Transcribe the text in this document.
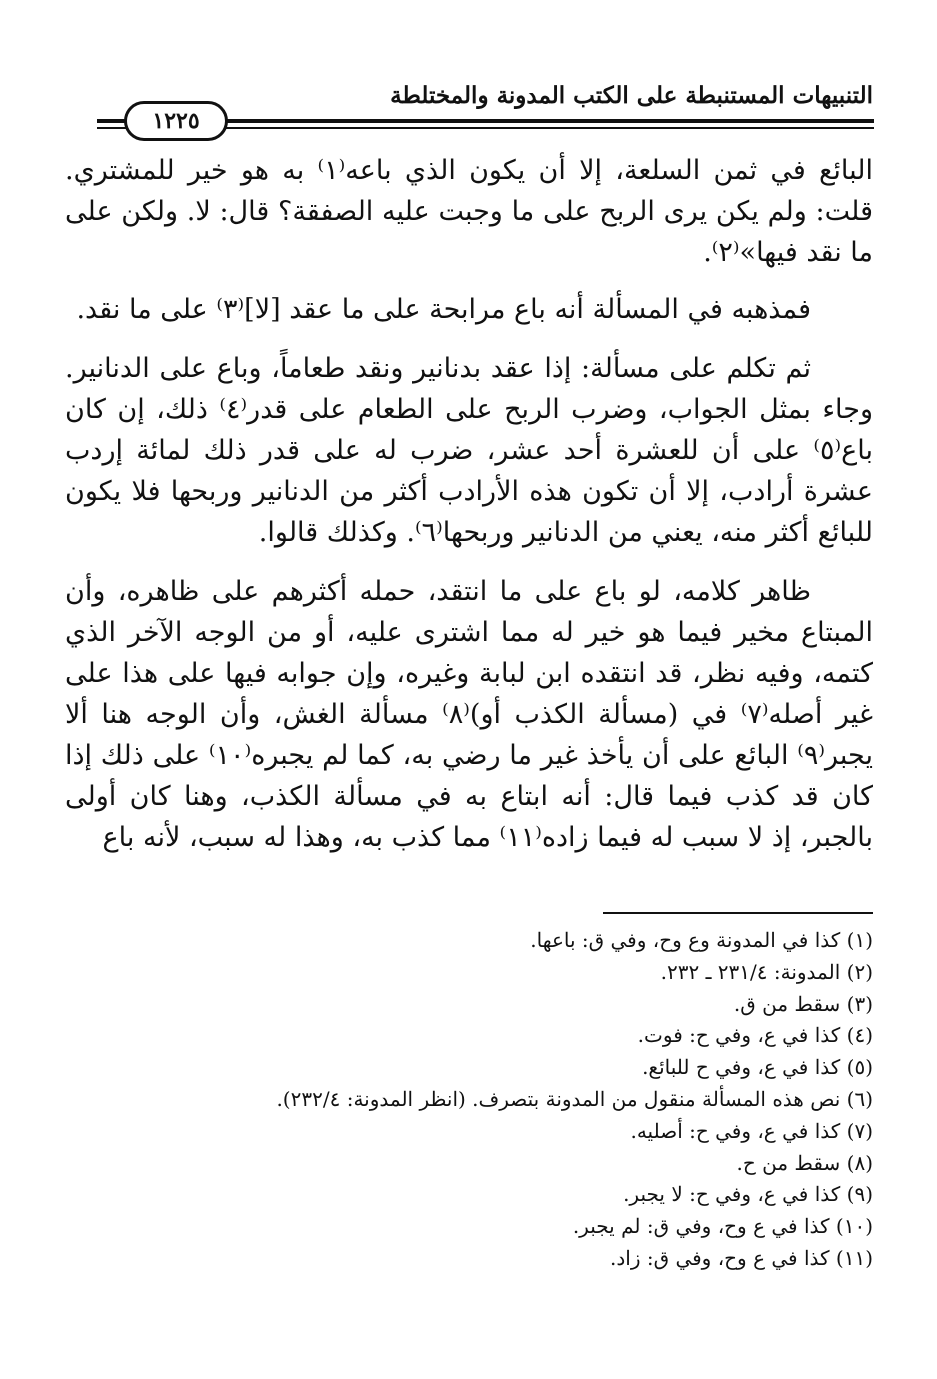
التنبيهات المستنبطة على الكتب المدونة والمختلطة
١٢٢٥

البائع في ثمن السلعة، إلا أن يكون الذي باعه⁽١⁾ به هو خير للمشتري. قلت: ولم يكن يرى الربح على ما وجبت عليه الصفقة؟ قال: لا. ولكن على ما نقد فيها»⁽٢⁾.

فمذهبه في المسألة أنه باع مرابحة على ما عقد [لا]⁽٣⁾ على ما نقد.

ثم تكلم على مسألة: إذا عقد بدنانير ونقد طعاماً، وباع على الدنانير. وجاء بمثل الجواب، وضرب الربح على الطعام على قدر⁽٤⁾ ذلك، إن كان باع⁽٥⁾ على أن للعشرة أحد عشر، ضرب له على قدر ذلك لمائة إردب عشرة أرادب، إلا أن تكون هذه الأرادب أكثر من الدنانير وربحها فلا يكون للبائع أكثر منه، يعني من الدنانير وربحها⁽٦⁾. وكذلك قالوا.

ظاهر كلامه، لو باع على ما انتقد، حمله أكثرهم على ظاهره، وأن المبتاع مخير فيما هو خير له مما اشترى عليه، أو من الوجه الآخر الذي كتمه، وفيه نظر، قد انتقده ابن لبابة وغيره، وإن جوابه فيها على هذا على غير أصله⁽٧⁾ في (مسألة الكذب أو)⁽٨⁾ مسألة الغش، وأن الوجه هنا ألا يجبر⁽٩⁾ البائع على أن يأخذ غير ما رضي به، كما لم يجبره⁽١٠⁾ على ذلك إذا كان قد كذب فيما قال: أنه ابتاع به في مسألة الكذب، وهنا كان أولى بالجبر، إذ لا سبب له فيما زاده⁽١١⁾ مما كذب به، وهذا له سبب، لأنه باع

(١) كذا في المدونة وع وح، وفي ق: باعها.
(٢) المدونة: ٢٣١/٤ ـ ٢٣٢.
(٣) سقط من ق.
(٤) كذا في ع، وفي ح: فوت.
(٥) كذا في ع، وفي ح للبائع.
(٦) نص هذه المسألة منقول من المدونة بتصرف. (انظر المدونة: ٢٣٢/٤).
(٧) كذا في ع، وفي ح: أصليه.
(٨) سقط من ح.
(٩) كذا في ع، وفي ح: لا يجبر.
(١٠) كذا في ع وح، وفي ق: لم يجبر.
(١١) كذا في ع وح، وفي ق: زاد.
